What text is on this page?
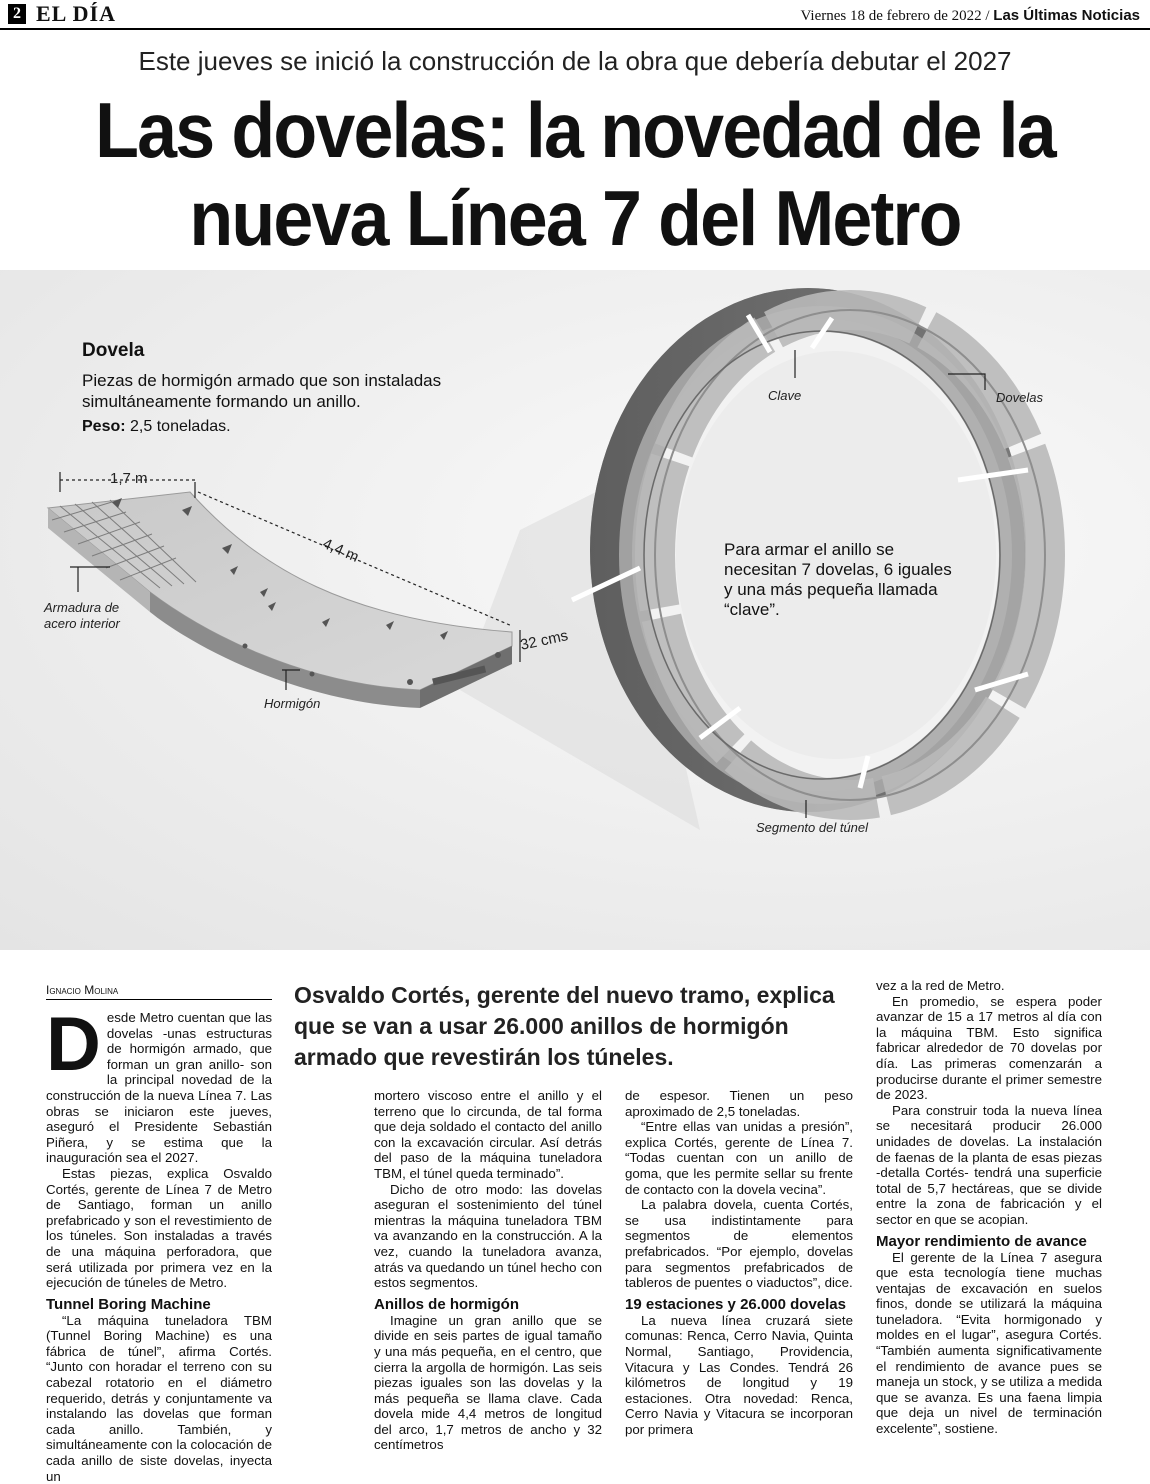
2 EL DÍA	Viernes 18 de febrero de 2022 / Las Últimas Noticias
Este jueves se inició la construcción de la obra que debería debutar el 2027
Las dovelas: la novedad de la
nueva Línea 7 del Metro
Dovela
Piezas de hormigón armado que son instaladas simultáneamente formando un anillo.
Peso: 2,5 toneladas.
1,7 m
4,4 m
32 cms
Armadura de
acero interior
Hormigón
Clave	Dovelas
Segmento del túnel
Para armar el anillo se necesitan 7 dovelas, 6 iguales y una más pequeña llamada “clave”.
Ignacio Molina	Osvaldo Cortés, gerente del nuevo tramo, explica que se van a usar 26.000 anillos de hormigón armado que revestirán los túneles.

Desde Metro cuentan que las dovelas -unas estructuras de hormigón armado, que forman un gran anillo- son la principal novedad de la construcción de la nueva Línea 7. Las obras se iniciaron este jueves, aseguró el Presidente Sebastián Piñera, y se estima que la inauguración sea el 2027.

Estas piezas, explica Osvaldo Cortés, gerente de Línea 7 de Metro de Santiago, forman un anillo prefabricado y son el revestimiento de los túneles. Son instaladas a través de una máquina perforadora, que será utilizada por primera vez en la ejecución de túneles de Metro.

Tunnel Boring Machine

“La máquina tuneladora TBM (Tunnel Boring Machine) es una fábrica de túnel”, afirma Cortés. “Junto con horadar el terreno con su cabezal rotatorio en el diámetro requerido, detrás y conjuntamente va instalando las dovelas que forman cada anillo. También, y simultáneamente con la colocación de cada anillo de siste dovelas, inyecta un

mortero viscoso entre el anillo y el terreno que lo circunda, de tal forma que deja soldado el contacto del anillo con la excavación circular. Así detrás del paso de la máquina tuneladora TBM, el túnel queda terminado”.

Dicho de otro modo: las dovelas aseguran el sostenimiento del túnel mientras la máquina tuneladora TBM va avanzando en la construcción. A la vez, cuando la tuneladora avanza, atrás va quedando un túnel hecho con estos segmentos.

Anillos de hormigón

Imagine un gran anillo que se divide en seis partes de igual tamaño y una más pequeña, en el centro, que cierra la argolla de hormigón. Las seis piezas iguales son las dovelas y la más pequeña se llama clave. Cada dovela mide 4,4 metros de longitud del arco, 1,7 metros de ancho y 32 centímetros

de espesor. Tienen un peso aproximado de 2,5 toneladas.

“Entre ellas van unidas a presión”, explica Cortés, gerente de Línea 7. “Todas cuentan con un anillo de goma, que les permite sellar su frente de contacto con la dovela vecina”.

La palabra dovela, cuenta Cortés, se usa indistintamente para segmentos de elementos prefabricados. “Por ejemplo, dovelas para segmentos prefabricados de tableros de puentes o viaductos”, dice.

19 estaciones y 26.000 dovelas

La nueva línea cruzará siete comunas: Renca, Cerro Navia, Quinta Normal, Santiago, Providencia, Vitacura y Las Condes. Tendrá 26 kilómetros de longitud y 19 estaciones. Otra novedad: Renca, Cerro Navia y Vitacura se incorporan por primera

vez a la red de Metro.

En promedio, se espera poder avanzar de 15 a 17 metros al día con la máquina TBM. Esto significa fabricar alrededor de 70 dovelas por día. Las primeras comenzarán a producirse durante el primer semestre de 2023.

Para construir toda la nueva línea se necesitará producir 26.000 unidades de dovelas. La instalación de faenas de la planta de esas piezas -detalla Cortés- tendrá una superficie total de 5,7 hectáreas, que se divide entre la zona de fabricación y el sector en que se acopian.

Mayor rendimiento de avance

El gerente de la Línea 7 asegura que esta tecnología tiene muchas ventajas de excavación en suelos finos, donde se utilizará la máquina tuneladora. “Evita hormigonado y moldes en el lugar”, asegura Cortés. “También aumenta significativamente el rendimiento de avance pues se maneja un stock, y se utiliza a medida que se avanza. Es una faena limpia que deja un nivel de terminación excelente”, sostiene.
